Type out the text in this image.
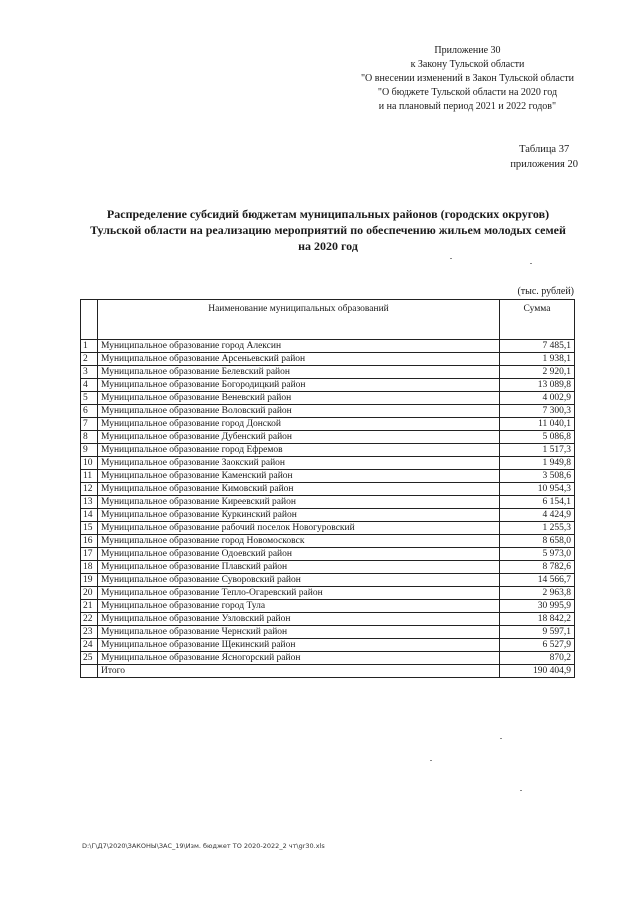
Приложение 30
к Закону Тульской области
"О внесении изменений в Закон Тульской области
"О бюджете Тульской области на 2020 год
и на плановый период 2021 и 2022 годов"
Таблица 37
приложения 20
Распределение субсидий бюджетам муниципальных районов (городских округов) Тульской области на реализацию мероприятий по обеспечению жильем молодых семей на 2020 год
(тыс. рублей)
	Наименование муниципальных образований	Сумма
1	Муниципальное образование город Алексин	7 485,1
2	Муниципальное образование Арсеньевский район	1 938,1
3	Муниципальное образование Белевский район	2 920,1
4	Муниципальное образование Богородицкий район	13 089,8
5	Муниципальное образование Веневский район	4 002,9
6	Муниципальное образование Воловский район	7 300,3
7	Муниципальное образование город Донской	11 040,1
8	Муниципальное образование Дубенский район	5 086,8
9	Муниципальное образование город Ефремов	1 517,3
10	Муниципальное образование Заокский район	1 949,8
11	Муниципальное образование Каменский район	3 508,6
12	Муниципальное образование Кимовский район	10 954,3
13	Муниципальное образование Киреевский район	6 154,1
14	Муниципальное образование Куркинский район	4 424,9
15	Муниципальное образование рабочий поселок Новогуровский	1 255,3
16	Муниципальное образование город Новомосковск	8 658,0
17	Муниципальное образование Одоевский район	5 973,0
18	Муниципальное образование Плавский район	8 782,6
19	Муниципальное образование Суворовский район	14 566,7
20	Муниципальное образование Тепло-Огаревский район	2 963,8
21	Муниципальное образование город Тула	30 995,9
22	Муниципальное образование Узловский район	18 842,2
23	Муниципальное образование Чернский район	9 597,1
24	Муниципальное образование Щекинский район	6 527,9
25	Муниципальное образование Ясногорский район	870,2
	Итого	190 404,9
D:\Г\Д7\2020\ЗАКОНЫ\ЗАС_19\Изм. бюджет ТО 2020-2022_2 чт\gr30.xls
